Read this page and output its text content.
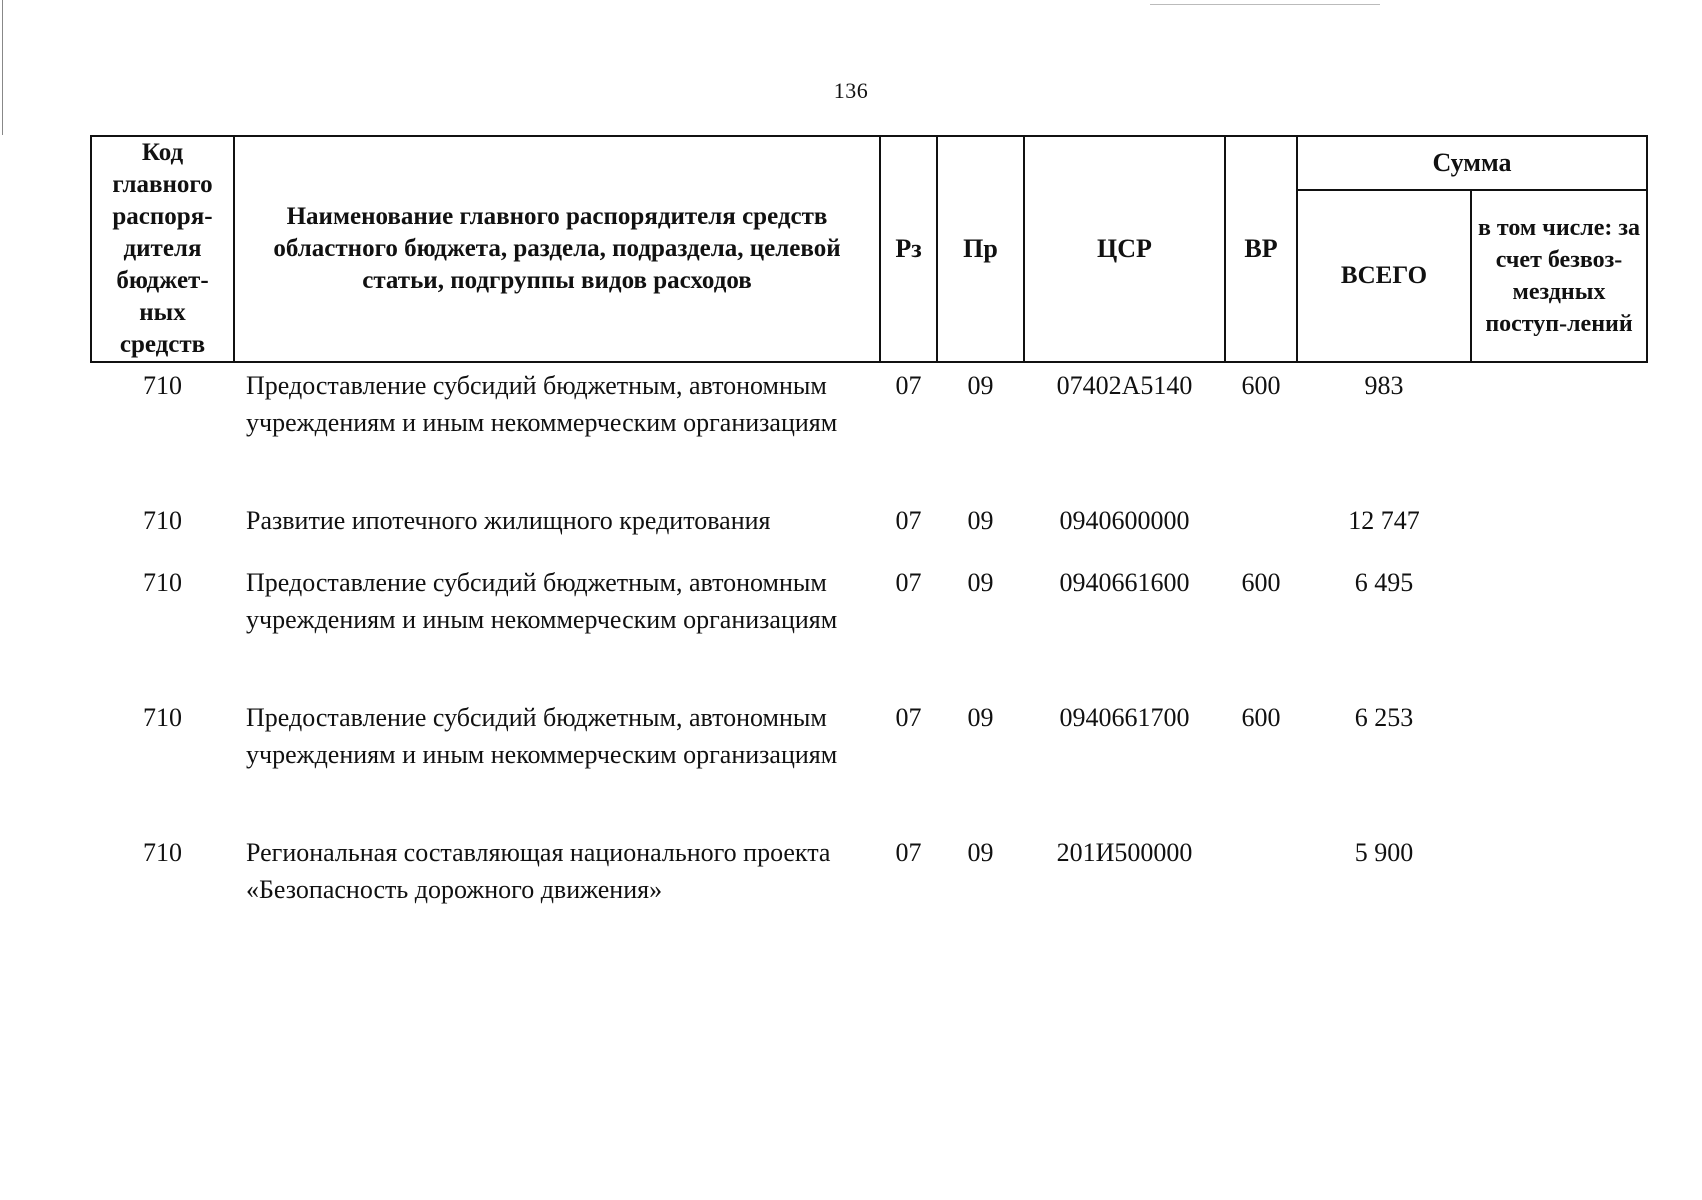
136
Код главного распоря-дителя бюджет-ных средств	Наименование главного распорядителя средств областного бюджета, раздела, подраздела, целевой статьи, подгруппы видов расходов	Рз	Пр	ЦСР	ВР	Сумма	
						ВСЕГО	в том числе: за счет безвоз-мездных поступ-лений
710	Предоставление субсидий бюджетным, автономным учреждениям и иным некоммерческим организациям	07	09	07402А5140	600	983	
710	Развитие ипотечного жилищного кредитования	07	09	0940600000		12 747	
710	Предоставление субсидий бюджетным, автономным учреждениям и иным некоммерческим организациям	07	09	0940661600	600	6 495	
710	Предоставление субсидий бюджетным, автономным учреждениям и иным некоммерческим организациям	07	09	0940661700	600	6 253	
710	Региональная составляющая национального проекта «Безопасность дорожного движения»	07	09	201И500000		5 900	
